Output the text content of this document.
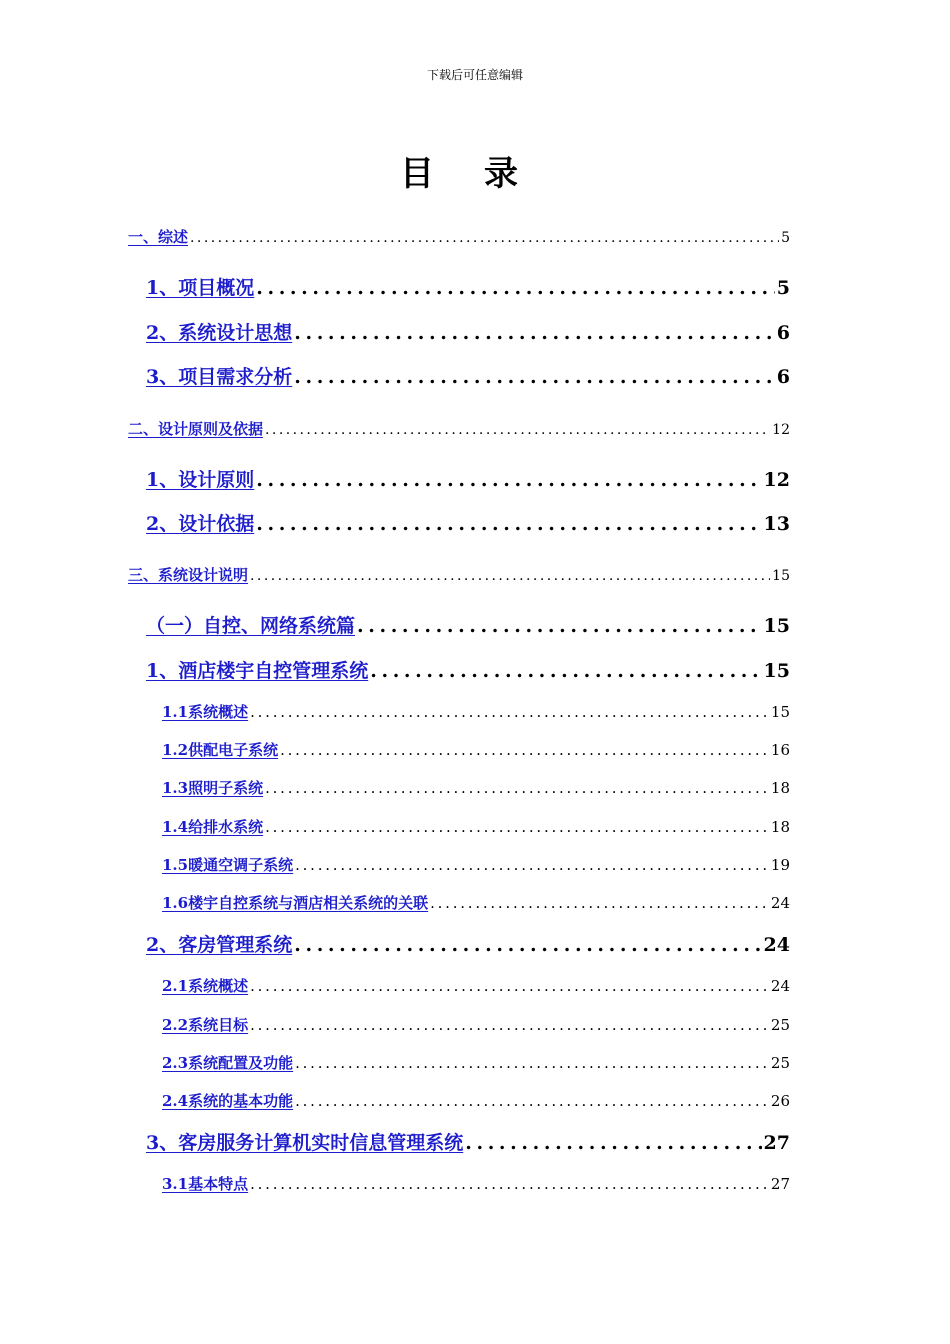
下载后可任意编辑
目录
一、综述 . . .	5
1、项目概况 . . .	5
2、系统设计思想 . . .	6
3、项目需求分析 . . .	6
二、设计原则及依据 . . .	12
1、设计原则 . . .	12
2、设计依据 . . .	13
三、系统设计说明 . . .	15
（一）自控、网络系统篇 . . .	15
1、酒店楼宇自控管理系统 . . .	15
1.1系统概述 . . .	15
1.2供配电子系统 . . .	16
1.3照明子系统 . . .	18
1.4给排水系统 . . .	18
1.5暖通空调子系统 . . .	19
1.6楼宇自控系统与酒店相关系统的关联 . . .	24
2、客房管理系统 . . .	24
2.1系统概述 . . .	24
2.2系统目标 . . .	25
2.3系统配置及功能 . . .	25
2.4系统的基本功能 . . .	26
3、客房服务计算机实时信息管理系统 . . .	27
3.1基本特点 . . .	27
